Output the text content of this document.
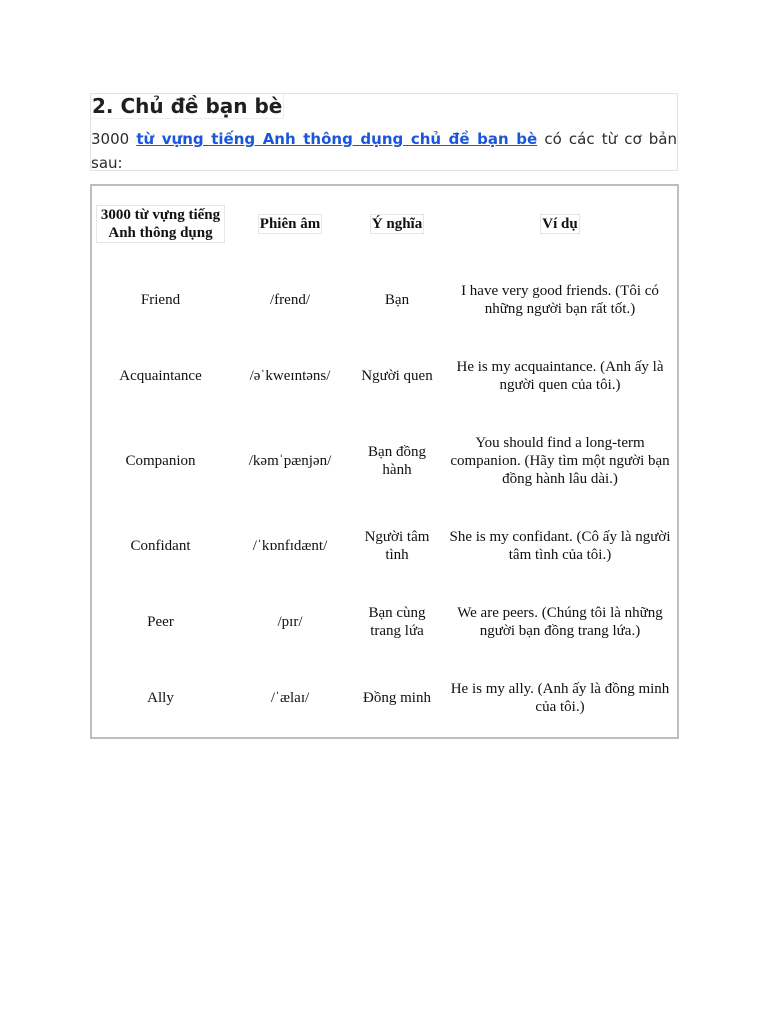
2. Chủ đề bạn bè
3000 từ vựng tiếng Anh thông dụng chủ đề bạn bè có các từ cơ bản sau:
3000 từ vựng tiếng Anh thông dụng	Phiên âm	Ý nghĩa	Ví dụ
Friend	/frend/	Bạn	I have very good friends. (Tôi có những người bạn rất tốt.)
Acquaintance	/əˈkweɪntəns/	Người quen	He is my acquaintance. (Anh ấy là người quen của tôi.)
Companion	/kəmˈpænjən/	Bạn đồng hành	You should find a long-term companion. (Hãy tìm một người bạn đồng hành lâu dài.)
Confidant	/ˈkɒnfɪdænt/	Người tâm tình	She is my confidant. (Cô ấy là người tâm tình của tôi.)
Peer	/pɪr/	Bạn cùng trang lứa	We are peers. (Chúng tôi là những người bạn đồng trang lứa.)
Ally	/ˈælaɪ/	Đồng minh	He is my ally. (Anh ấy là đồng minh của tôi.)
